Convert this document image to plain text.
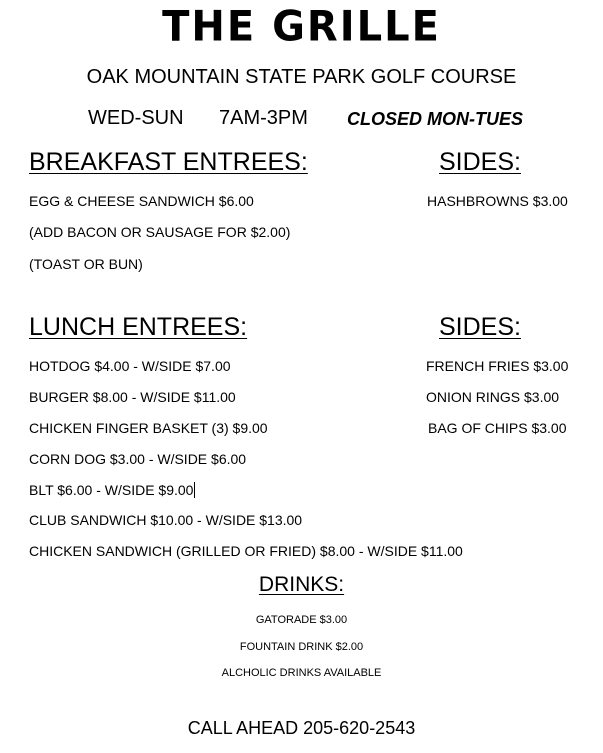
THE GRILLE
OAK MOUNTAIN STATE PARK GOLF COURSE
WED-SUN 7AM-3PM CLOSED MON-TUES
BREAKFAST ENTREES:	SIDES:
EGG & CHEESE SANDWICH $6.00
(ADD BACON OR SAUSAGE FOR $2.00)
(TOAST OR BUN)
HASHBROWNS $3.00
LUNCH ENTREES:	SIDES:
HOTDOG $4.00 - W/SIDE $7.00
BURGER $8.00 - W/SIDE $11.00
CHICKEN FINGER BASKET (3) $9.00
CORN DOG $3.00 - W/SIDE $6.00
BLT $6.00 - W/SIDE $9.00
CLUB SANDWICH $10.00 - W/SIDE $13.00
CHICKEN SANDWICH (GRILLED OR FRIED) $8.00 - W/SIDE $11.00
FRENCH FRIES $3.00
ONION RINGS $3.00
BAG OF CHIPS $3.00
DRINKS:
GATORADE $3.00
FOUNTAIN DRINK $2.00
ALCHOLIC DRINKS AVAILABLE
CALL AHEAD 205-620-2543
